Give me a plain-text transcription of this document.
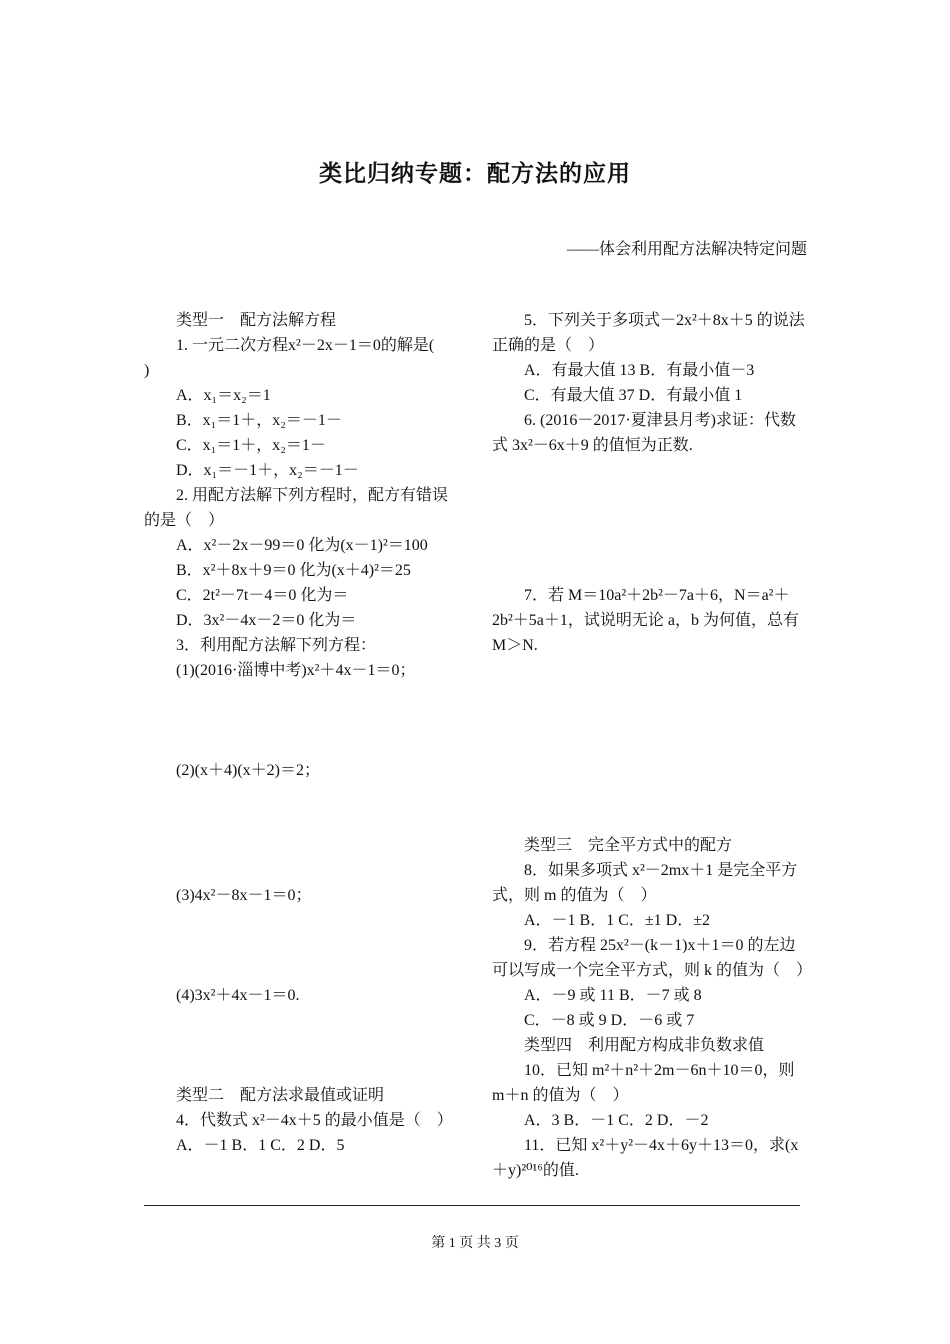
类比归纳专题：配方法的应用
——体会利用配方法解决特定问题

类型一　配方法解方程

1. 一元二次方程x²－2x－1＝0的解是(

)

A．x₁＝x₂＝1

B．x₁＝1＋，x₂＝－1－

C．x₁＝1＋，x₂＝1－

D．x₁＝－1＋，x₂＝－1－

2. 用配方法解下列方程时，配方有错误的是（　）

A．x²－2x－99＝0 化为(x－1)²＝100

B．x²＋8x＋9＝0 化为(x＋4)²＝25

C．2t²－7t－4＝0 化为＝

D．3x²－4x－2＝0 化为＝

3．利用配方法解下列方程：

(1)(2016·淄博中考)x²＋4x－1＝0；

(2)(x＋4)(x＋2)＝2；

(3)4x²－8x－1＝0；

(4)3x²＋4x－1＝0.

类型二　配方法求最值或证明

4．代数式 x²－4x＋5 的最小值是（　）

A．－1 B．1 C．2 D．5

5．下列关于多项式－2x²＋8x＋5 的说法正确的是（　）

A．有最大值 13 B．有最小值－3

C．有最大值 37 D．有最小值 1

6. (2016－2017·夏津县月考)求证：代数式 3x²－6x＋9 的值恒为正数.

7．若 M＝10a²＋2b²－7a＋6，N＝a²＋2b²＋5a＋1，试说明无论 a，b 为何值，总有 M＞N.

类型三　完全平方式中的配方

8．如果多项式 x²－2mx＋1 是完全平方式，则 m 的值为（　）

A．－1 B．1 C．±1 D．±2

9．若方程 25x²－(k－1)x＋1＝0 的左边可以写成一个完全平方式，则 k 的值为（　）

A．－9 或 11 B．－7 或 8

C．－8 或 9 D．－6 或 7

类型四　利用配方构成非负数求值

10．已知 m²＋n²＋2m－6n＋10＝0，则 m＋n 的值为（　）

A．3 B．－1 C．2 D．－2

11．已知 x²＋y²－4x＋6y＋13＝0，求(x＋y)²⁰¹⁶的值.

第 1 页 共 3 页
